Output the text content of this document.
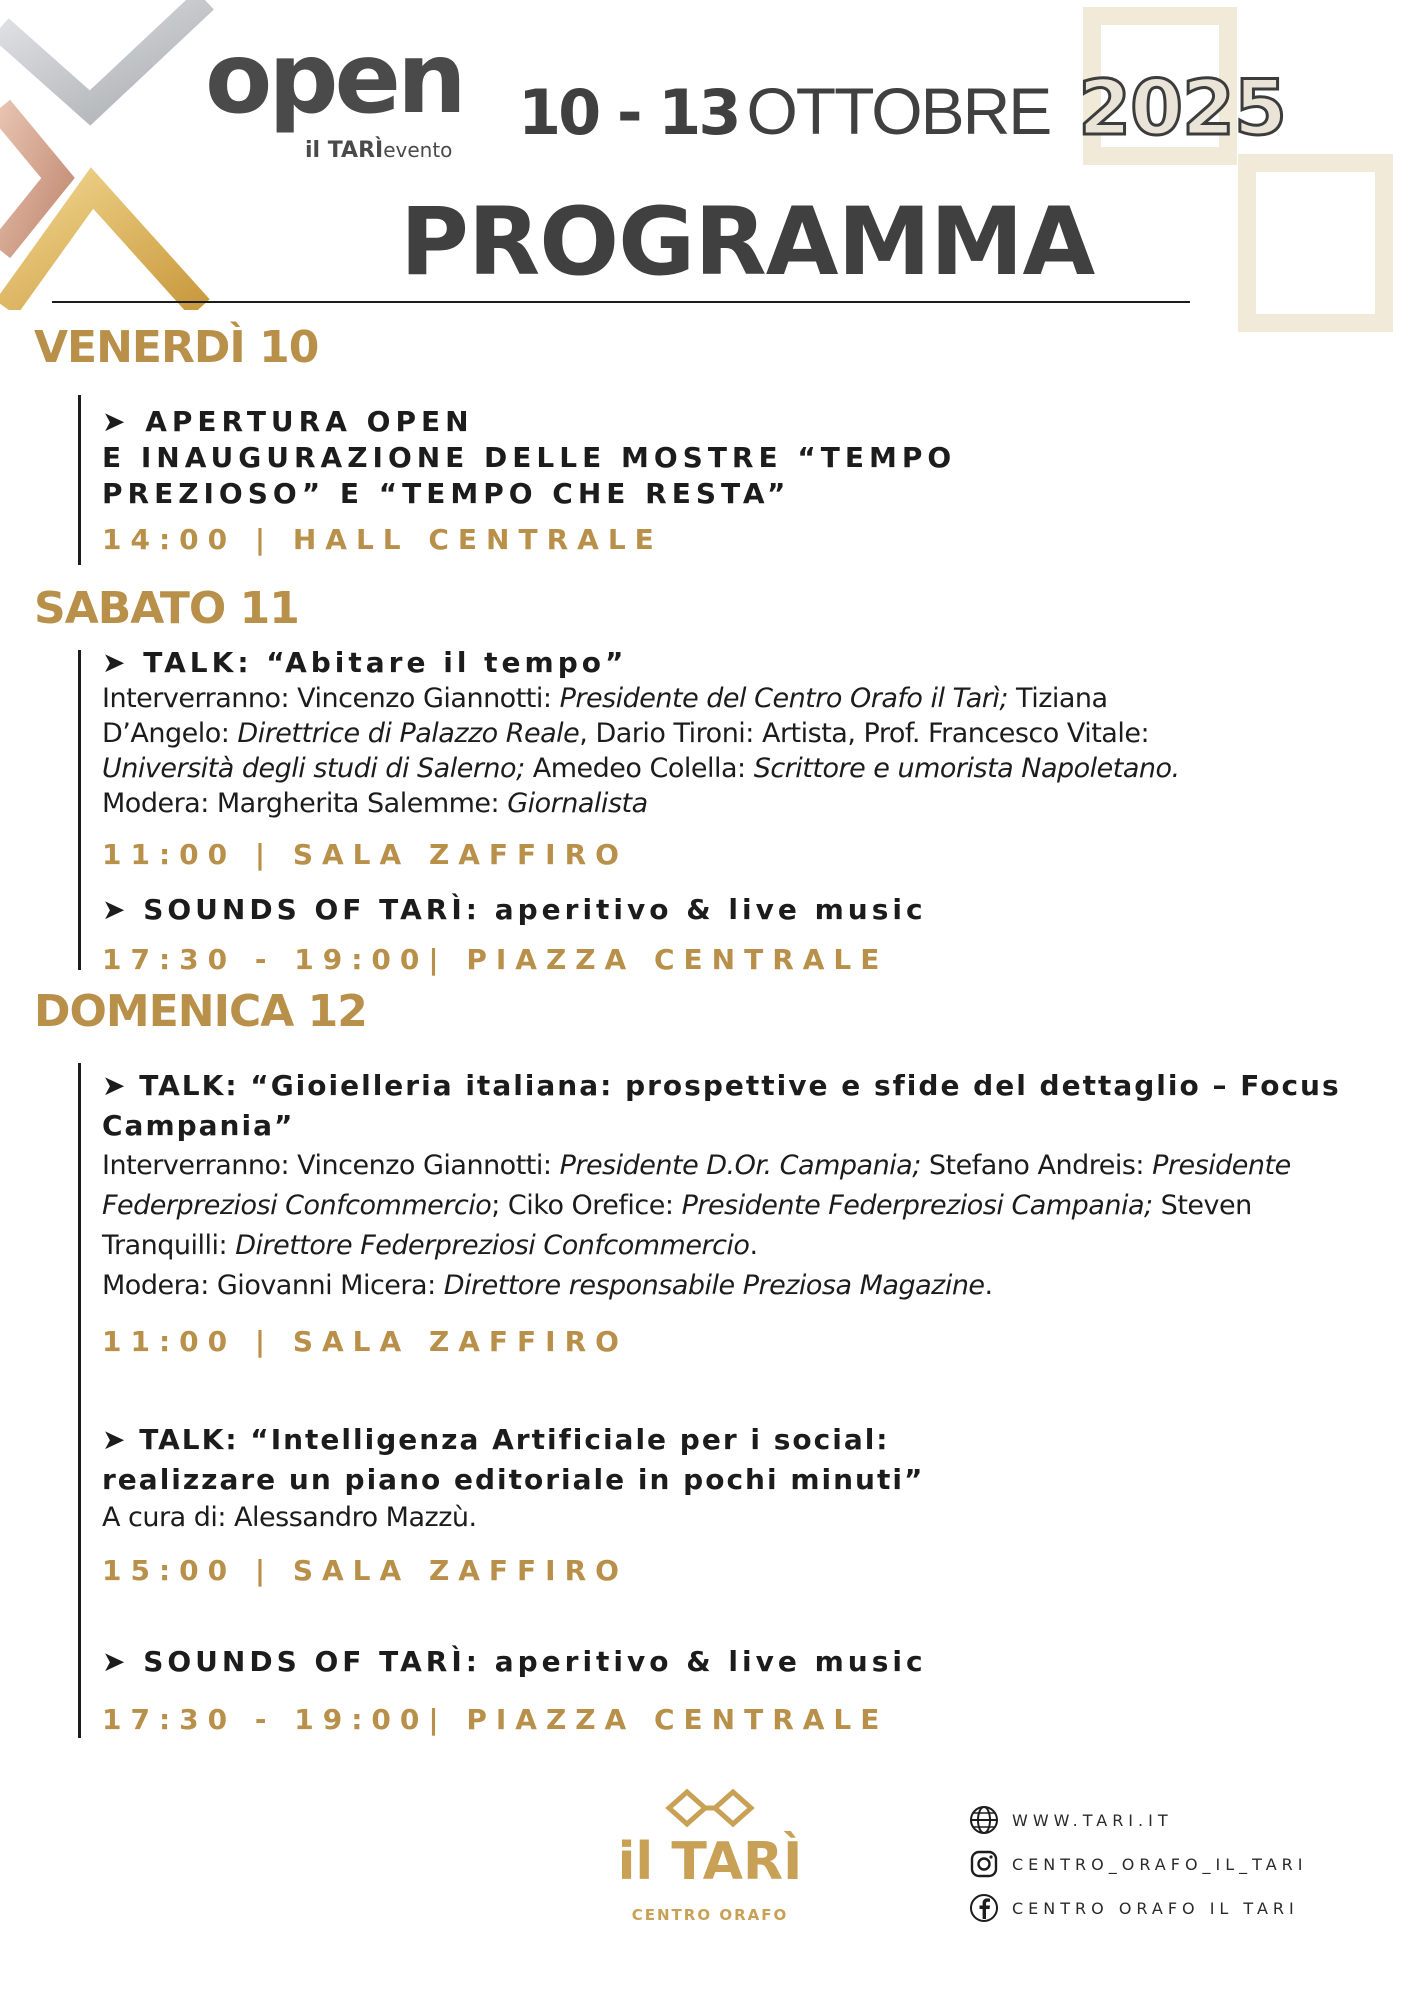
open
il TARÌevento
10 - 13 OTTOBRE 2025
PROGRAMMA
VENERDÌ 10

➤ APERTURA OPEN
E INAUGURAZIONE DELLE MOSTRE “TEMPO
PREZIOSO” E “TEMPO CHE RESTA”

14:00 | HALL CENTRALE

SABATO 11

➤ TALK: “Abitare il tempo”

Interverranno: Vincenzo Giannotti: Presidente del Centro Orafo il Tarì; Tiziana
D’Angelo: Direttrice di Palazzo Reale, Dario Tironi: Artista, Prof. Francesco Vitale:
Università degli studi di Salerno; Amedeo Colella: Scrittore e umorista Napoletano.
Modera: Margherita Salemme: Giornalista

11:00 | SALA ZAFFIRO

➤ SOUNDS OF TARÌ: aperitivo & live music

17:30 - 19:00| PIAZZA CENTRALE

DOMENICA 12

➤ TALK: “Gioielleria italiana: prospettive e sfide del dettaglio – Focus
Campania”

Interverranno: Vincenzo Giannotti: Presidente D.Or. Campania; Stefano Andreis: Presidente
Federpreziosi Confcommercio; Ciko Orefice: Presidente Federpreziosi Campania; Steven
Tranquilli: Direttore Federpreziosi Confcommercio.
Modera: Giovanni Micera: Direttore responsabile Preziosa Magazine.

11:00 | SALA ZAFFIRO

➤ TALK: “Intelligenza Artificiale per i social:
realizzare un piano editoriale in pochi minuti”

A cura di: Alessandro Mazzù.

15:00 | SALA ZAFFIRO

➤ SOUNDS OF TARÌ: aperitivo & live music

17:30 - 19:00| PIAZZA CENTRALE

il TARÌ
CENTRO ORAFO
WWW.TARI.IT
CENTRO_ORAFO_IL_TARI
CENTRO ORAFO IL TARI
